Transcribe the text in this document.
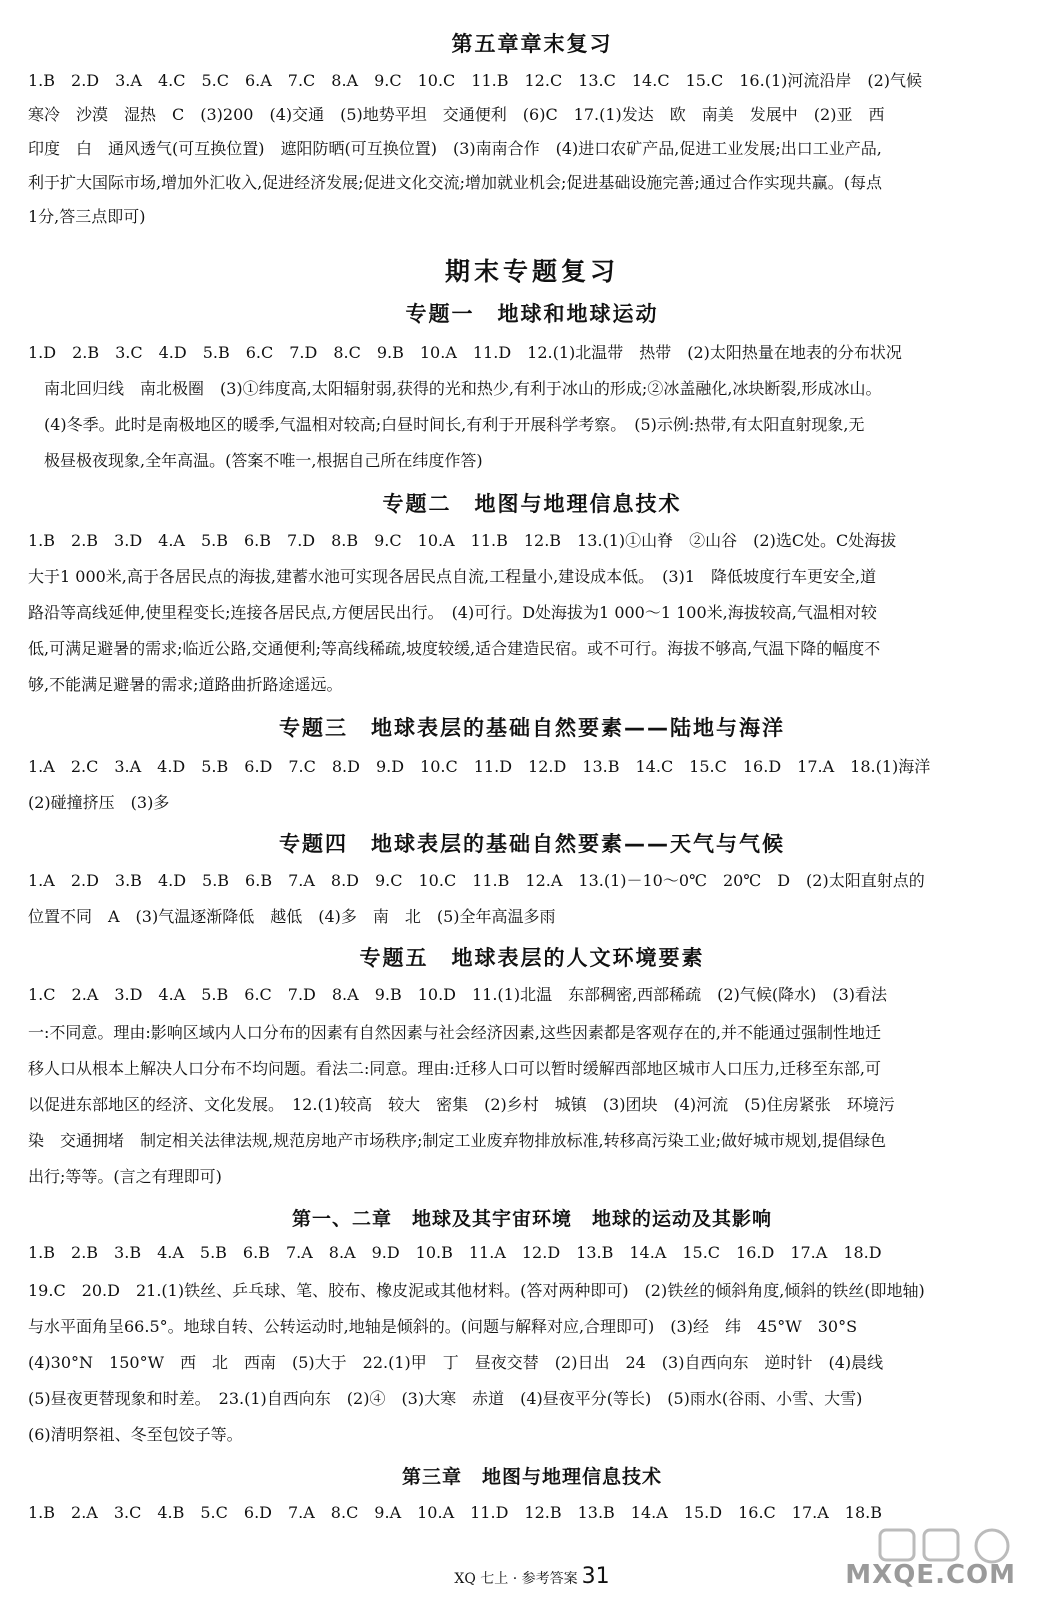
第五章章末复习
1.B　2.D　3.A　4.C　5.C　6.A　7.C　8.A　9.C　10.C　11.B　12.C　13.C　14.C　15.C　16.(1)河流沿岸　(2)气候
寒冷　沙漠　湿热　C　(3)200　(4)交通　(5)地势平坦　交通便利　(6)C　17.(1)发达　欧　南美　发展中　(2)亚　西
印度　白　通风透气(可互换位置)　遮阳防晒(可互换位置)　(3)南南合作　(4)进口农矿产品,促进工业发展;出口工业产品,
利于扩大国际市场,增加外汇收入,促进经济发展;促进文化交流;增加就业机会;促进基础设施完善;通过合作实现共赢。(每点
1分,答三点即可)
期末专题复习
专题一　地球和地球运动
1.D　2.B　3.C　4.D　5.B　6.C　7.D　8.C　9.B　10.A　11.D　12.(1)北温带　热带　(2)太阳热量在地表的分布状况
　南北回归线　南北极圈　(3)①纬度高,太阳辐射弱,获得的光和热少,有利于冰山的形成;②冰盖融化,冰块断裂,形成冰山。
　(4)冬季。此时是南极地区的暖季,气温相对较高;白昼时间长,有利于开展科学考察。　(5)示例:热带,有太阳直射现象,无
　极昼极夜现象,全年高温。(答案不唯一,根据自己所在纬度作答)
专题二　地图与地理信息技术
1.B　2.B　3.D　4.A　5.B　6.B　7.D　8.B　9.C　10.A　11.B　12.B　13.(1)①山脊　②山谷　(2)选C处。C处海拔
大于1 000米,高于各居民点的海拔,建蓄水池可实现各居民点自流,工程量小,建设成本低。　(3)1　降低坡度行车更安全,道
路沿等高线延伸,使里程变长;连接各居民点,方便居民出行。　(4)可行。D处海拔为1 000～1 100米,海拔较高,气温相对较
低,可满足避暑的需求;临近公路,交通便利;等高线稀疏,坡度较缓,适合建造民宿。或不可行。海拔不够高,气温下降的幅度不
够,不能满足避暑的需求;道路曲折路途遥远。
专题三　地球表层的基础自然要素——陆地与海洋
1.A　2.C　3.A　4.D　5.B　6.D　7.C　8.D　9.D　10.C　11.D　12.D　13.B　14.C　15.C　16.D　17.A　18.(1)海洋
(2)碰撞挤压　(3)多
专题四　地球表层的基础自然要素——天气与气候
1.A　2.D　3.B　4.D　5.B　6.B　7.A　8.D　9.C　10.C　11.B　12.A　13.(1)－10～0℃　20℃　D　(2)太阳直射点的
位置不同　A　(3)气温逐渐降低　越低　(4)多　南　北　(5)全年高温多雨
专题五　地球表层的人文环境要素
1.C　2.A　3.D　4.A　5.B　6.C　7.D　8.A　9.B　10.D　11.(1)北温　东部稠密,西部稀疏　(2)气候(降水)　(3)看法
一:不同意。理由:影响区域内人口分布的因素有自然因素与社会经济因素,这些因素都是客观存在的,并不能通过强制性地迁
移人口从根本上解决人口分布不均问题。看法二:同意。理由:迁移人口可以暂时缓解西部地区城市人口压力,迁移至东部,可
以促进东部地区的经济、文化发展。　12.(1)较高　较大　密集　(2)乡村　城镇　(3)团块　(4)河流　(5)住房紧张　环境污
染　交通拥堵　制定相关法律法规,规范房地产市场秩序;制定工业废弃物排放标准,转移高污染工业;做好城市规划,提倡绿色
出行;等等。(言之有理即可)
第一、二章　地球及其宇宙环境　地球的运动及其影响
1.B　2.B　3.B　4.A　5.B　6.B　7.A　8.A　9.D　10.B　11.A　12.D　13.B　14.A　15.C　16.D　17.A　18.D
19.C　20.D　21.(1)铁丝、乒乓球、笔、胶布、橡皮泥或其他材料。(答对两种即可)　(2)铁丝的倾斜角度,倾斜的铁丝(即地轴)
与水平面角呈66.5°。地球自转、公转运动时,地轴是倾斜的。(问题与解释对应,合理即可)　(3)经　纬　45°W　30°S
(4)30°N　150°W　西　北　西南　(5)大于　22.(1)甲　丁　昼夜交替　(2)日出　24　(3)自西向东　逆时针　(4)晨线
(5)昼夜更替现象和时差。　23.(1)自西向东　(2)④　(3)大寒　赤道　(4)昼夜平分(等长)　(5)雨水(谷雨、小雪、大雪)
(6)清明祭祖、冬至包饺子等。
第三章　地图与地理信息技术
1.B　2.A　3.C　4.B　5.C　6.D　7.A　8.C　9.A　10.A　11.D　12.B　13.B　14.A　15.D　16.C　17.A　18.B
XQ 七上 · 参考答案 31	MXQE.COM
